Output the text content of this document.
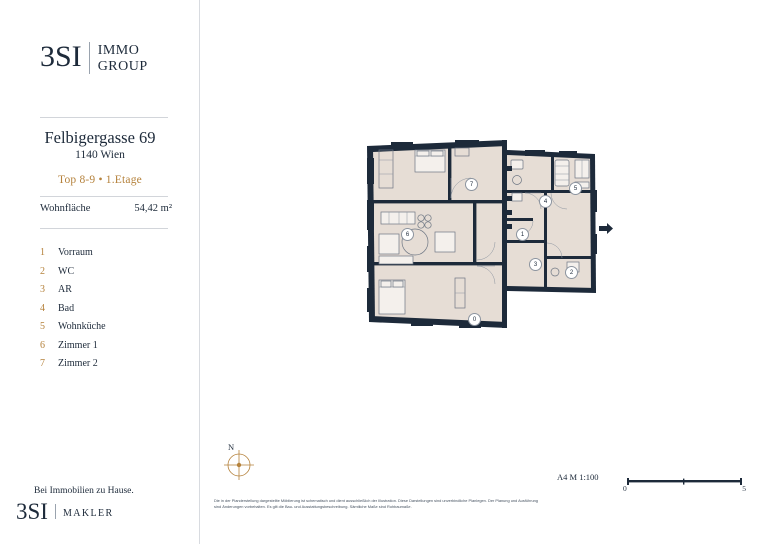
3SI IMMO
GROUP
Felbigergasse 69
1140 Wien
Top 8-9 • 1.Etage
Wohnfläche	54,42 m²
1	Vorraum
2	WC
3	AR
4	Bad
5	Wohnküche
6	Zimmer 1
7	Zimmer 2
Bei Immobilien zu Hause.
3SI	MAKLER
7
6
5
4
3
2
1
0
N
A4 M 1:100
0	5
Die in der Planderstellung dargestellte Möblierung ist schematisch und dient ausschließlich der Illustration. Diese Darstellungen sind unverbindliche Planlegen. Der Planung und Ausführung sind Änderungen vorbehalten. Es gilt die Bau- und Ausstattungsbeschreibung. Sämtliche Maße sind Rohbaumaße.
